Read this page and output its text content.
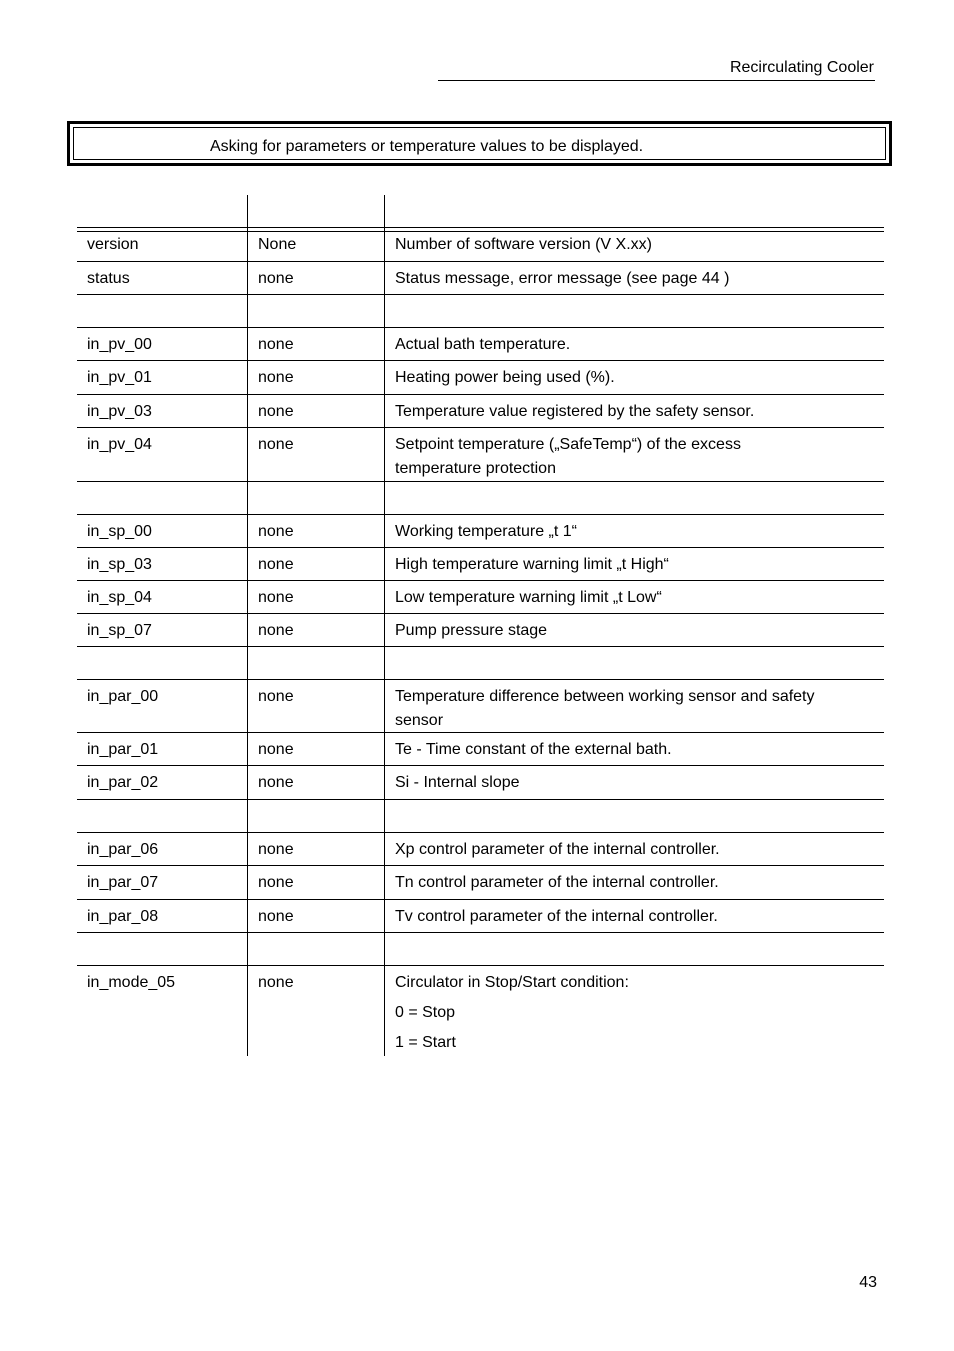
Recirculating Cooler
Asking for parameters or temperature values to be displayed.
version	None	Number of software version (V X.xx)
status	none	Status message, error message (see page 44 )
in_pv_00	none	Actual bath temperature.
in_pv_01	none	Heating power being used (%).
in_pv_03	none	Temperature value registered by the safety sensor.
in_pv_04	none	Setpoint temperature („SafeTemp“) of the excess
temperature protection
in_sp_00	none	Working temperature „t 1“
in_sp_03	none	High temperature warning limit „t High“
in_sp_04	none	Low temperature warning limit „t Low“
in_sp_07	none	Pump pressure stage
in_par_00	none	Temperature difference between working sensor and safety
sensor
in_par_01	none	Te - Time constant of the external bath.
in_par_02	none	Si - Internal slope
in_par_06	none	Xp control parameter of the internal controller.
in_par_07	none	Tn control parameter of the internal controller.
in_par_08	none	Tv control parameter of the internal controller.
in_mode_05	none	Circulator in Stop/Start condition:
0 = Stop
1 = Start
43
